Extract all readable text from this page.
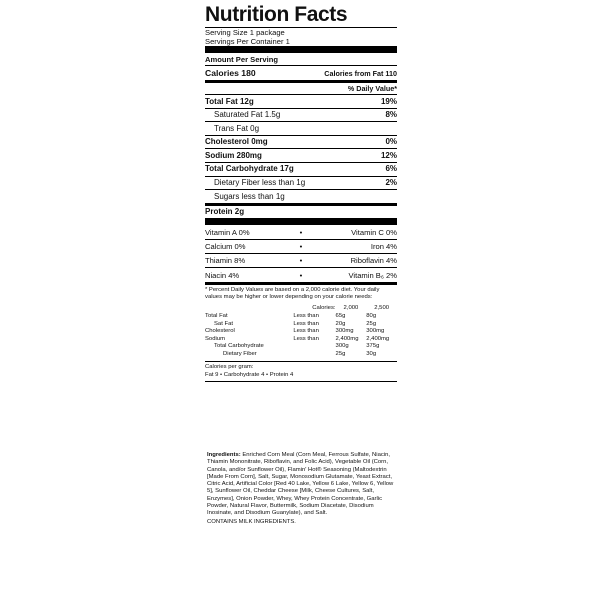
Nutrition Facts
Serving Size 1 package
Servings Per Container 1
Amount Per Serving
Calories 180	Calories from Fat 110
% Daily Value*
Total Fat 12g	19%
Saturated Fat 1.5g	8%
Trans Fat 0g
Cholesterol 0mg	0%
Sodium 280mg	12%
Total Carbohydrate 17g	6%
Dietary Fiber less than 1g	2%
Sugars less than 1g
Protein 2g
Vitamin A 0%	•	Vitamin C 0%
Calcium 0%	•	Iron 4%
Thiamin 8%	•	Riboflavin 4%
Niacin 4%	•	Vitamin B₆ 2%

* Percent Daily Values are based on a 2,000 calorie diet. Your daily values may be higher or lower depending on your calorie needs:

	Calories:	2,000	2,500
Total Fat	Less than	65g	80g
Sat Fat	Less than	20g	25g
Cholesterol	Less than	300mg	300mg
Sodium	Less than	2,400mg	2,400mg
Total Carbohydrate		300g	375g
Dietary Fiber		25g	30g
Calories per gram:
Fat 9 • Carbohydrate 4 • Protein 4
Ingredients: Enriched Corn Meal (Corn Meal, Ferrous Sulfate, Niacin, Thiamin Mononitrate, Riboflavin, and Folic Acid), Vegetable Oil (Corn, Canola, and/or Sunflower Oil), Flamin' Hot® Seasoning (Maltodextrin [Made From Corn], Salt, Sugar, Monosodium Glutamate, Yeast Extract, Citric Acid, Artificial Color [Red 40 Lake, Yellow 6 Lake, Yellow 6, Yellow 5], Sunflower Oil, Cheddar Cheese [Milk, Cheese Cultures, Salt, Enzymes], Onion Powder, Whey, Whey Protein Concentrate, Garlic Powder, Natural Flavor, Buttermilk, Sodium Diacetate, Disodium Inosinate, and Disodium Guanylate), and Salt.
CONTAINS MILK INGREDIENTS.
